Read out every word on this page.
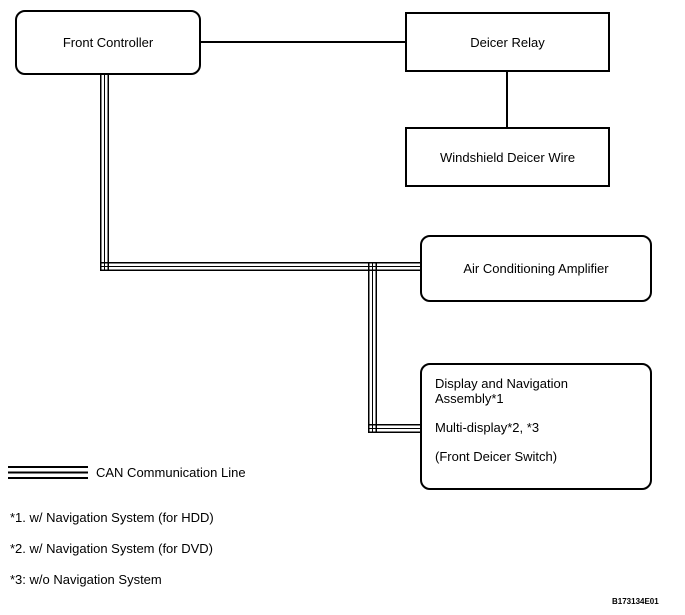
Front Controller	Deicer Relay
Windshield Deicer Wire
Air Conditioning Amplifier
Display and Navigation Assembly*1
Multi-display*2, *3
(Front Deicer Switch)
CAN Communication Line
*1. w/ Navigation System (for HDD)
*2. w/ Navigation System (for DVD)
*3: w/o Navigation System
B173134E01
